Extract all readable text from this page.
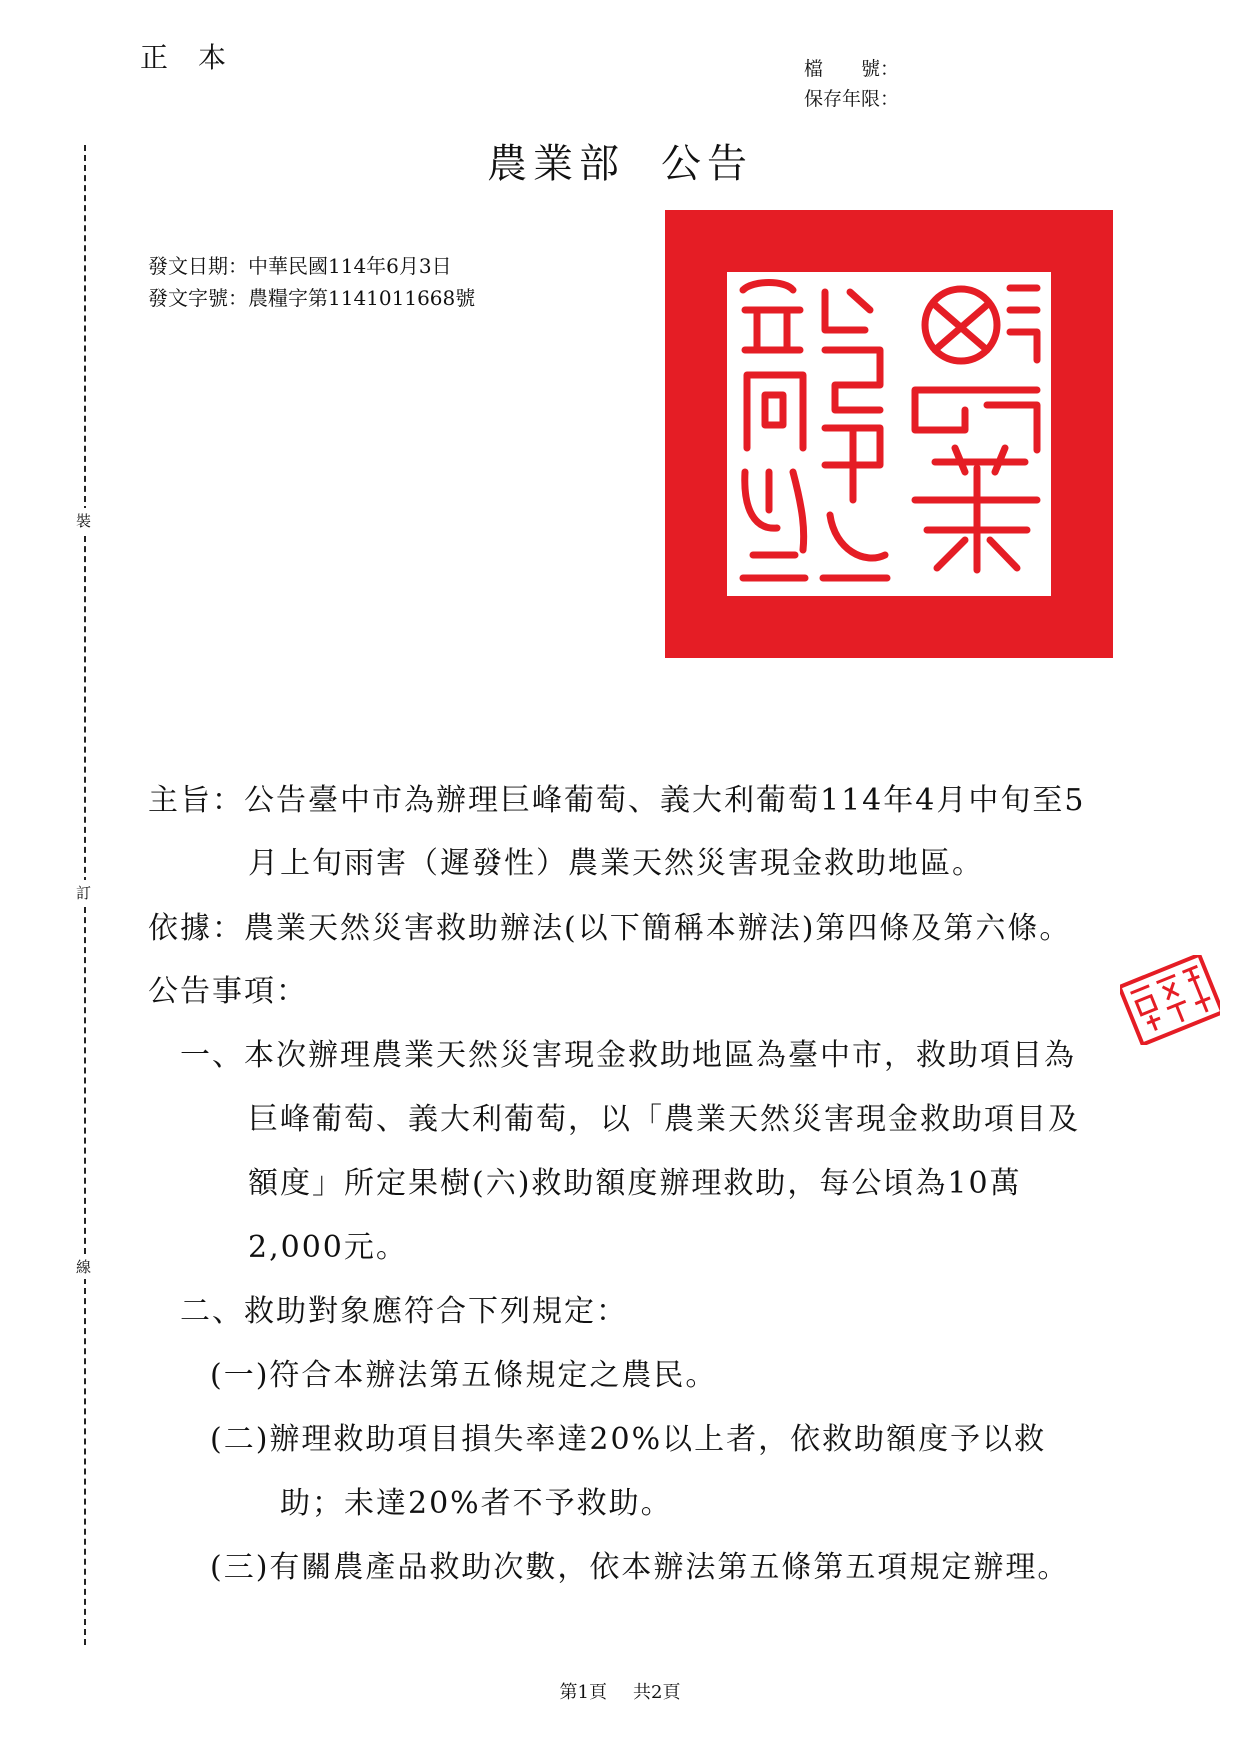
正本	檔　　號：
保存年限：
農業部 公告
裝
訂
線
發文日期：中華民國114年6月3日
發文字號：農糧字第1141011668號
主旨：公告臺中市為辦理巨峰葡萄、義大利葡萄114年4月中旬至5
月上旬雨害（遲發性）農業天然災害現金救助地區。
依據：農業天然災害救助辦法(以下簡稱本辦法)第四條及第六條。
公告事項：
一、本次辦理農業天然災害現金救助地區為臺中市，救助項目為
巨峰葡萄、義大利葡萄，以「農業天然災害現金救助項目及
額度」所定果樹(六)救助額度辦理救助，每公頃為10萬
2,000元。
二、救助對象應符合下列規定：
(一)符合本辦法第五條規定之農民。
(二)辦理救助項目損失率達20%以上者，依救助額度予以救
助；未達20%者不予救助。
(三)有關農產品救助次數，依本辦法第五條第五項規定辦理。
第1頁 共2頁
